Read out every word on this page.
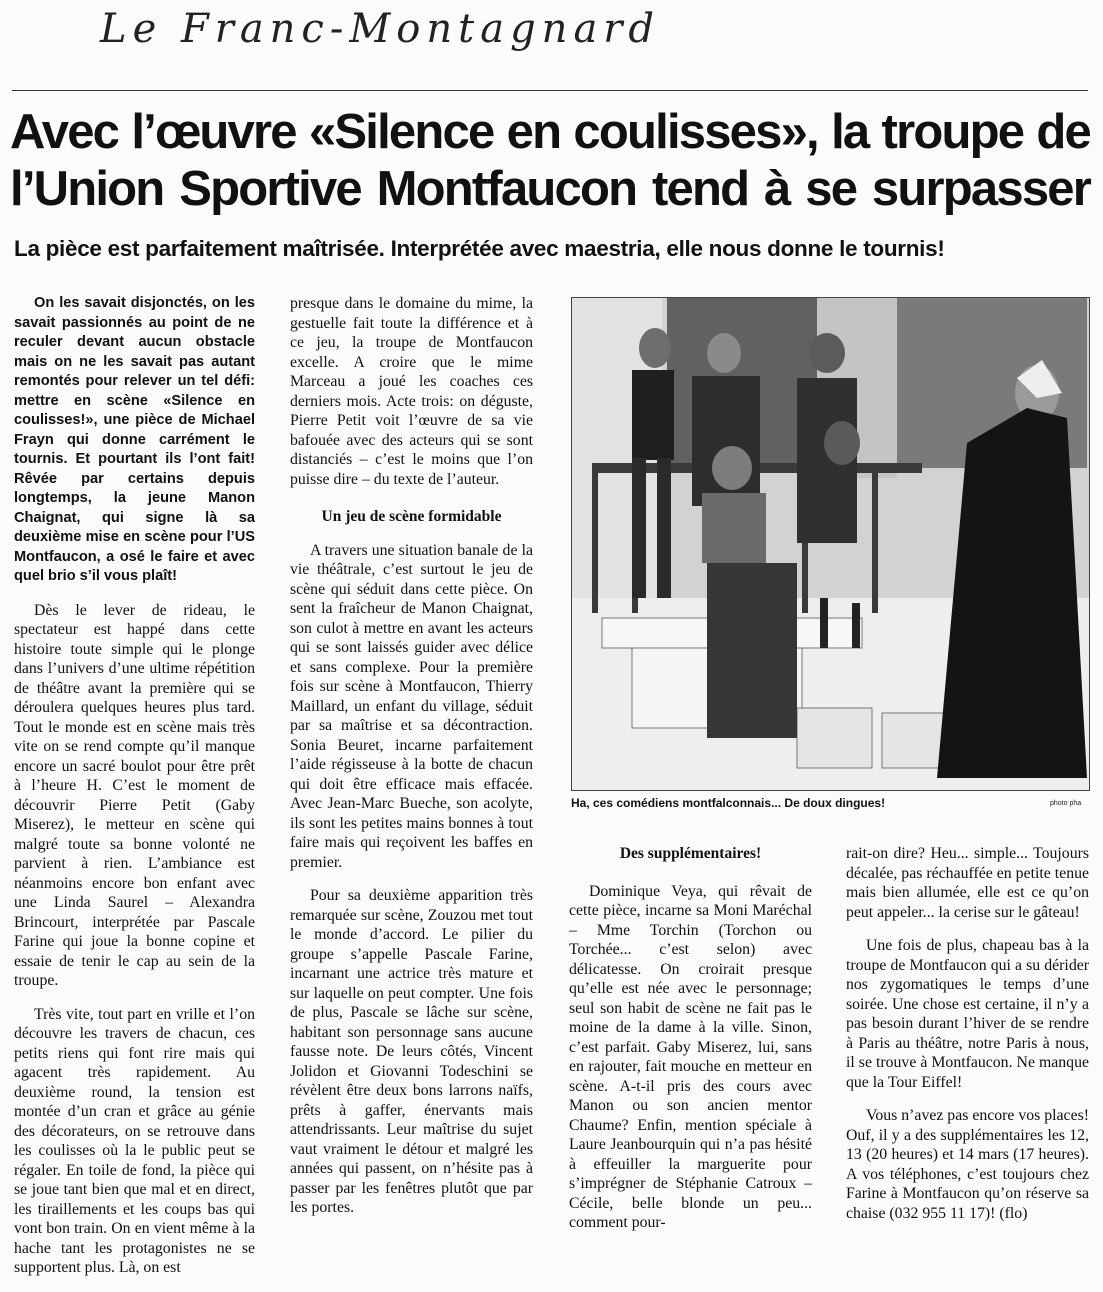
Le Franc-Montagnard
Avec l’œuvre «Silence en coulisses», la troupe de l’Union Sportive Montfaucon tend à se surpasser
La pièce est parfaitement maîtrisée. Interprétée avec maestria, elle nous donne le tournis!

On les savait disjonctés, on les savait passionnés au point de ne reculer devant aucun obstacle mais on ne les savait pas autant remontés pour relever un tel défi: mettre en scène «Silence en coulisses!», une pièce de Michael Frayn qui donne carrément le tournis. Et pourtant ils l’ont fait! Rêvée par certains depuis longtemps, la jeune Manon Chaignat, qui signe là sa deuxième mise en scène pour l’US Montfaucon, a osé le faire et avec quel brio s’il vous plaît!

Dès le lever de rideau, le spectateur est happé dans cette histoire toute simple qui le plonge dans l’univers d’une ultime répétition de théâtre avant la première qui se déroulera quelques heures plus tard. Tout le monde est en scène mais très vite on se rend compte qu’il manque encore un sacré boulot pour être prêt à l’heure H. C’est le moment de découvrir Pierre Petit (Gaby Miserez), le metteur en scène qui malgré toute sa bonne volonté ne parvient à rien. L’ambiance est néanmoins encore bon enfant avec une Linda Saurel – Alexandra Brincourt, interprétée par Pascale Farine qui joue la bonne copine et essaie de tenir le cap au sein de la troupe.

Très vite, tout part en vrille et l’on découvre les travers de chacun, ces petits riens qui font rire mais qui agacent très rapidement. Au deuxième round, la tension est montée d’un cran et grâce au génie des décorateurs, on se retrouve dans les coulisses où la le public peut se régaler. En toile de fond, la pièce qui se joue tant bien que mal et en direct, les tiraillements et les coups bas qui vont bon train. On en vient même à la hache tant les protagonistes ne se supportent plus. Là, on est

presque dans le domaine du mime, la gestuelle fait toute la différence et à ce jeu, la troupe de Montfaucon excelle. A croire que le mime Marceau a joué les coaches ces derniers mois. Acte trois: on déguste, Pierre Petit voit l’œuvre de sa vie bafouée avec des acteurs qui se sont distanciés – c’est le moins que l’on puisse dire – du texte de l’auteur.

Un jeu de scène formidable

A travers une situation banale de la vie théâtrale, c’est surtout le jeu de scène qui séduit dans cette pièce. On sent la fraîcheur de Manon Chaignat, son culot à mettre en avant les acteurs qui se sont laissés guider avec délice et sans complexe. Pour la première fois sur scène à Montfaucon, Thierry Maillard, un enfant du village, séduit par sa maîtrise et sa décontraction. Sonia Beuret, incarne parfaitement l’aide régisseuse à la botte de chacun qui doit être efficace mais effacée. Avec Jean-Marc Bueche, son acolyte, ils sont les petites mains bonnes à tout faire mais qui reçoivent les baffes en premier.

Pour sa deuxième apparition très remarquée sur scène, Zouzou met tout le monde d’accord. Le pilier du groupe s’appelle Pascale Farine, incarnant une actrice très mature et sur laquelle on peut compter. Une fois de plus, Pascale se lâche sur scène, habitant son personnage sans aucune fausse note. De leurs côtés, Vincent Jolidon et Giovanni Todeschini se révèlent être deux bons larrons naïfs, prêts à gaffer, énervants mais attendrissants. Leur maîtrise du sujet vaut vraiment le détour et malgré les années qui passent, on n’hésite pas à passer par les fenêtres plutôt que par les portes.

Ha, ces comédiens montfalconnais... De doux dingues!	photo pha
Des supplémentaires!

Dominique Veya, qui rêvait de cette pièce, incarne sa Moni Maréchal – Mme Torchin (Torchon ou Torchée... c’est selon) avec délicatesse. On croirait presque qu’elle est née avec le personnage; seul son habit de scène ne fait pas le moine de la dame à la ville. Sinon, c’est parfait. Gaby Miserez, lui, sans en rajouter, fait mouche en metteur en scène. A-t-il pris des cours avec Manon ou son ancien mentor Chaume? Enfin, mention spéciale à Laure Jeanbourquin qui n’a pas hésité à effeuiller la marguerite pour s’imprégner de Stéphanie Catroux – Cécile, belle blonde un peu... comment pour-

rait-on dire? Heu... simple... Toujours décalée, pas réchauffée en petite tenue mais bien allumée, elle est ce qu’on peut appeler... la cerise sur le gâteau!

Une fois de plus, chapeau bas à la troupe de Montfaucon qui a su dérider nos zygomatiques le temps d’une soirée. Une chose est certaine, il n’y a pas besoin durant l’hiver de se rendre à Paris au théâtre, notre Paris à nous, il se trouve à Montfaucon. Ne manque que la Tour Eiffel!

Vous n’avez pas encore vos places! Ouf, il y a des supplémentaires les 12, 13 (20 heures) et 14 mars (17 heures). A vos téléphones, c’est toujours chez Farine à Montfaucon qu’on réserve sa chaise (032 955 11 17)! (flo)
